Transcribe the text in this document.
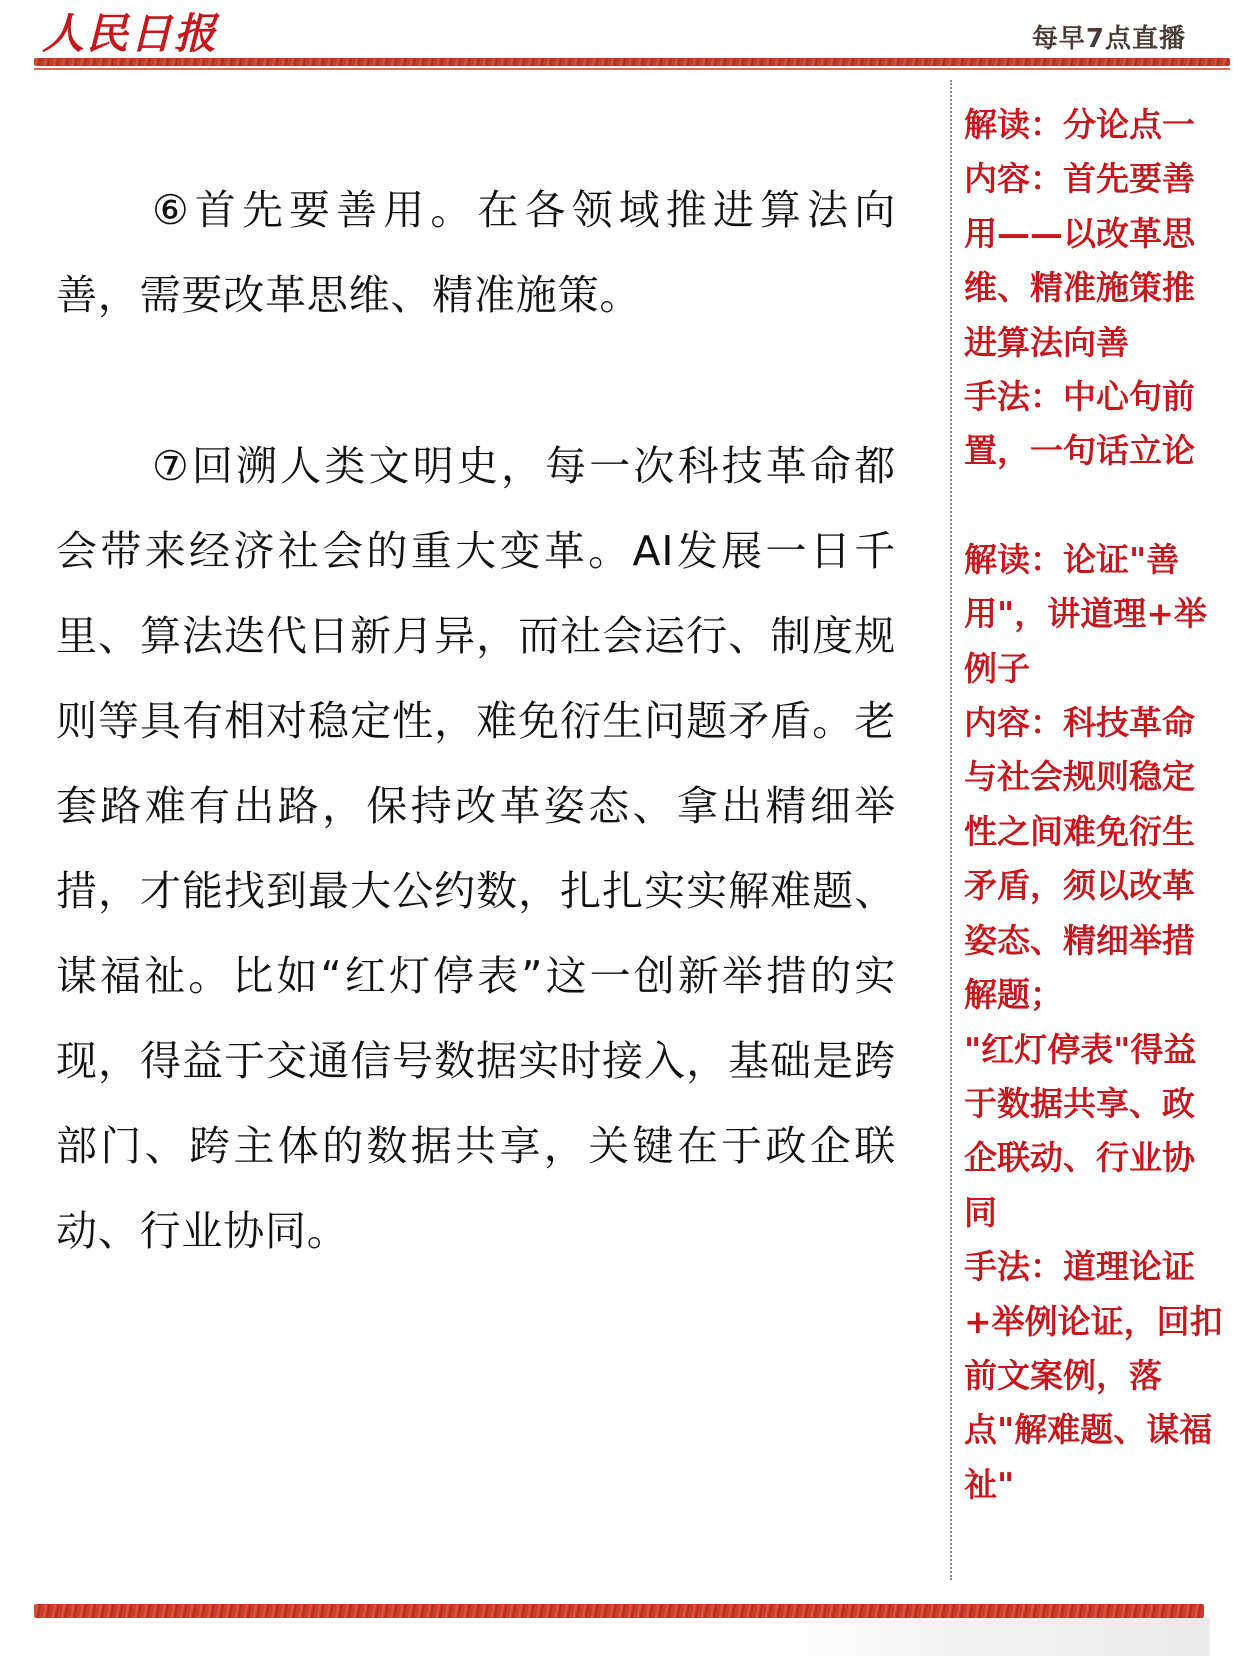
人民日报	每早7点直播

⑥首先要善用。在各领域推进算法向善，需要改革思维、精准施策。

⑦回溯人类文明史，每一次科技革命都会带来经济社会的重大变革。AI发展一日千里、算法迭代日新月异，而社会运行、制度规则等具有相对稳定性，难免衍生问题矛盾。老套路难有出路，保持改革姿态、拿出精细举措，才能找到最大公约数，扎扎实实解难题、谋福祉。比如“红灯停表”这一创新举措的实现，得益于交通信号数据实时接入，基础是跨部门、跨主体的数据共享，关键在于政企联动、行业协同。

解读：分论点一
内容：首先要善用——以改革思维、精准施策推进算法向善
手法：中心句前置，一句话立论
解读：论证"善用"，讲道理+举例子
内容：科技革命与社会规则稳定性之间难免衍生矛盾，须以改革姿态、精细举措解题；
"红灯停表"得益于数据共享、政企联动、行业协同
手法：道理论证+举例论证，回扣前文案例，落点"解难题、谋福祉"
